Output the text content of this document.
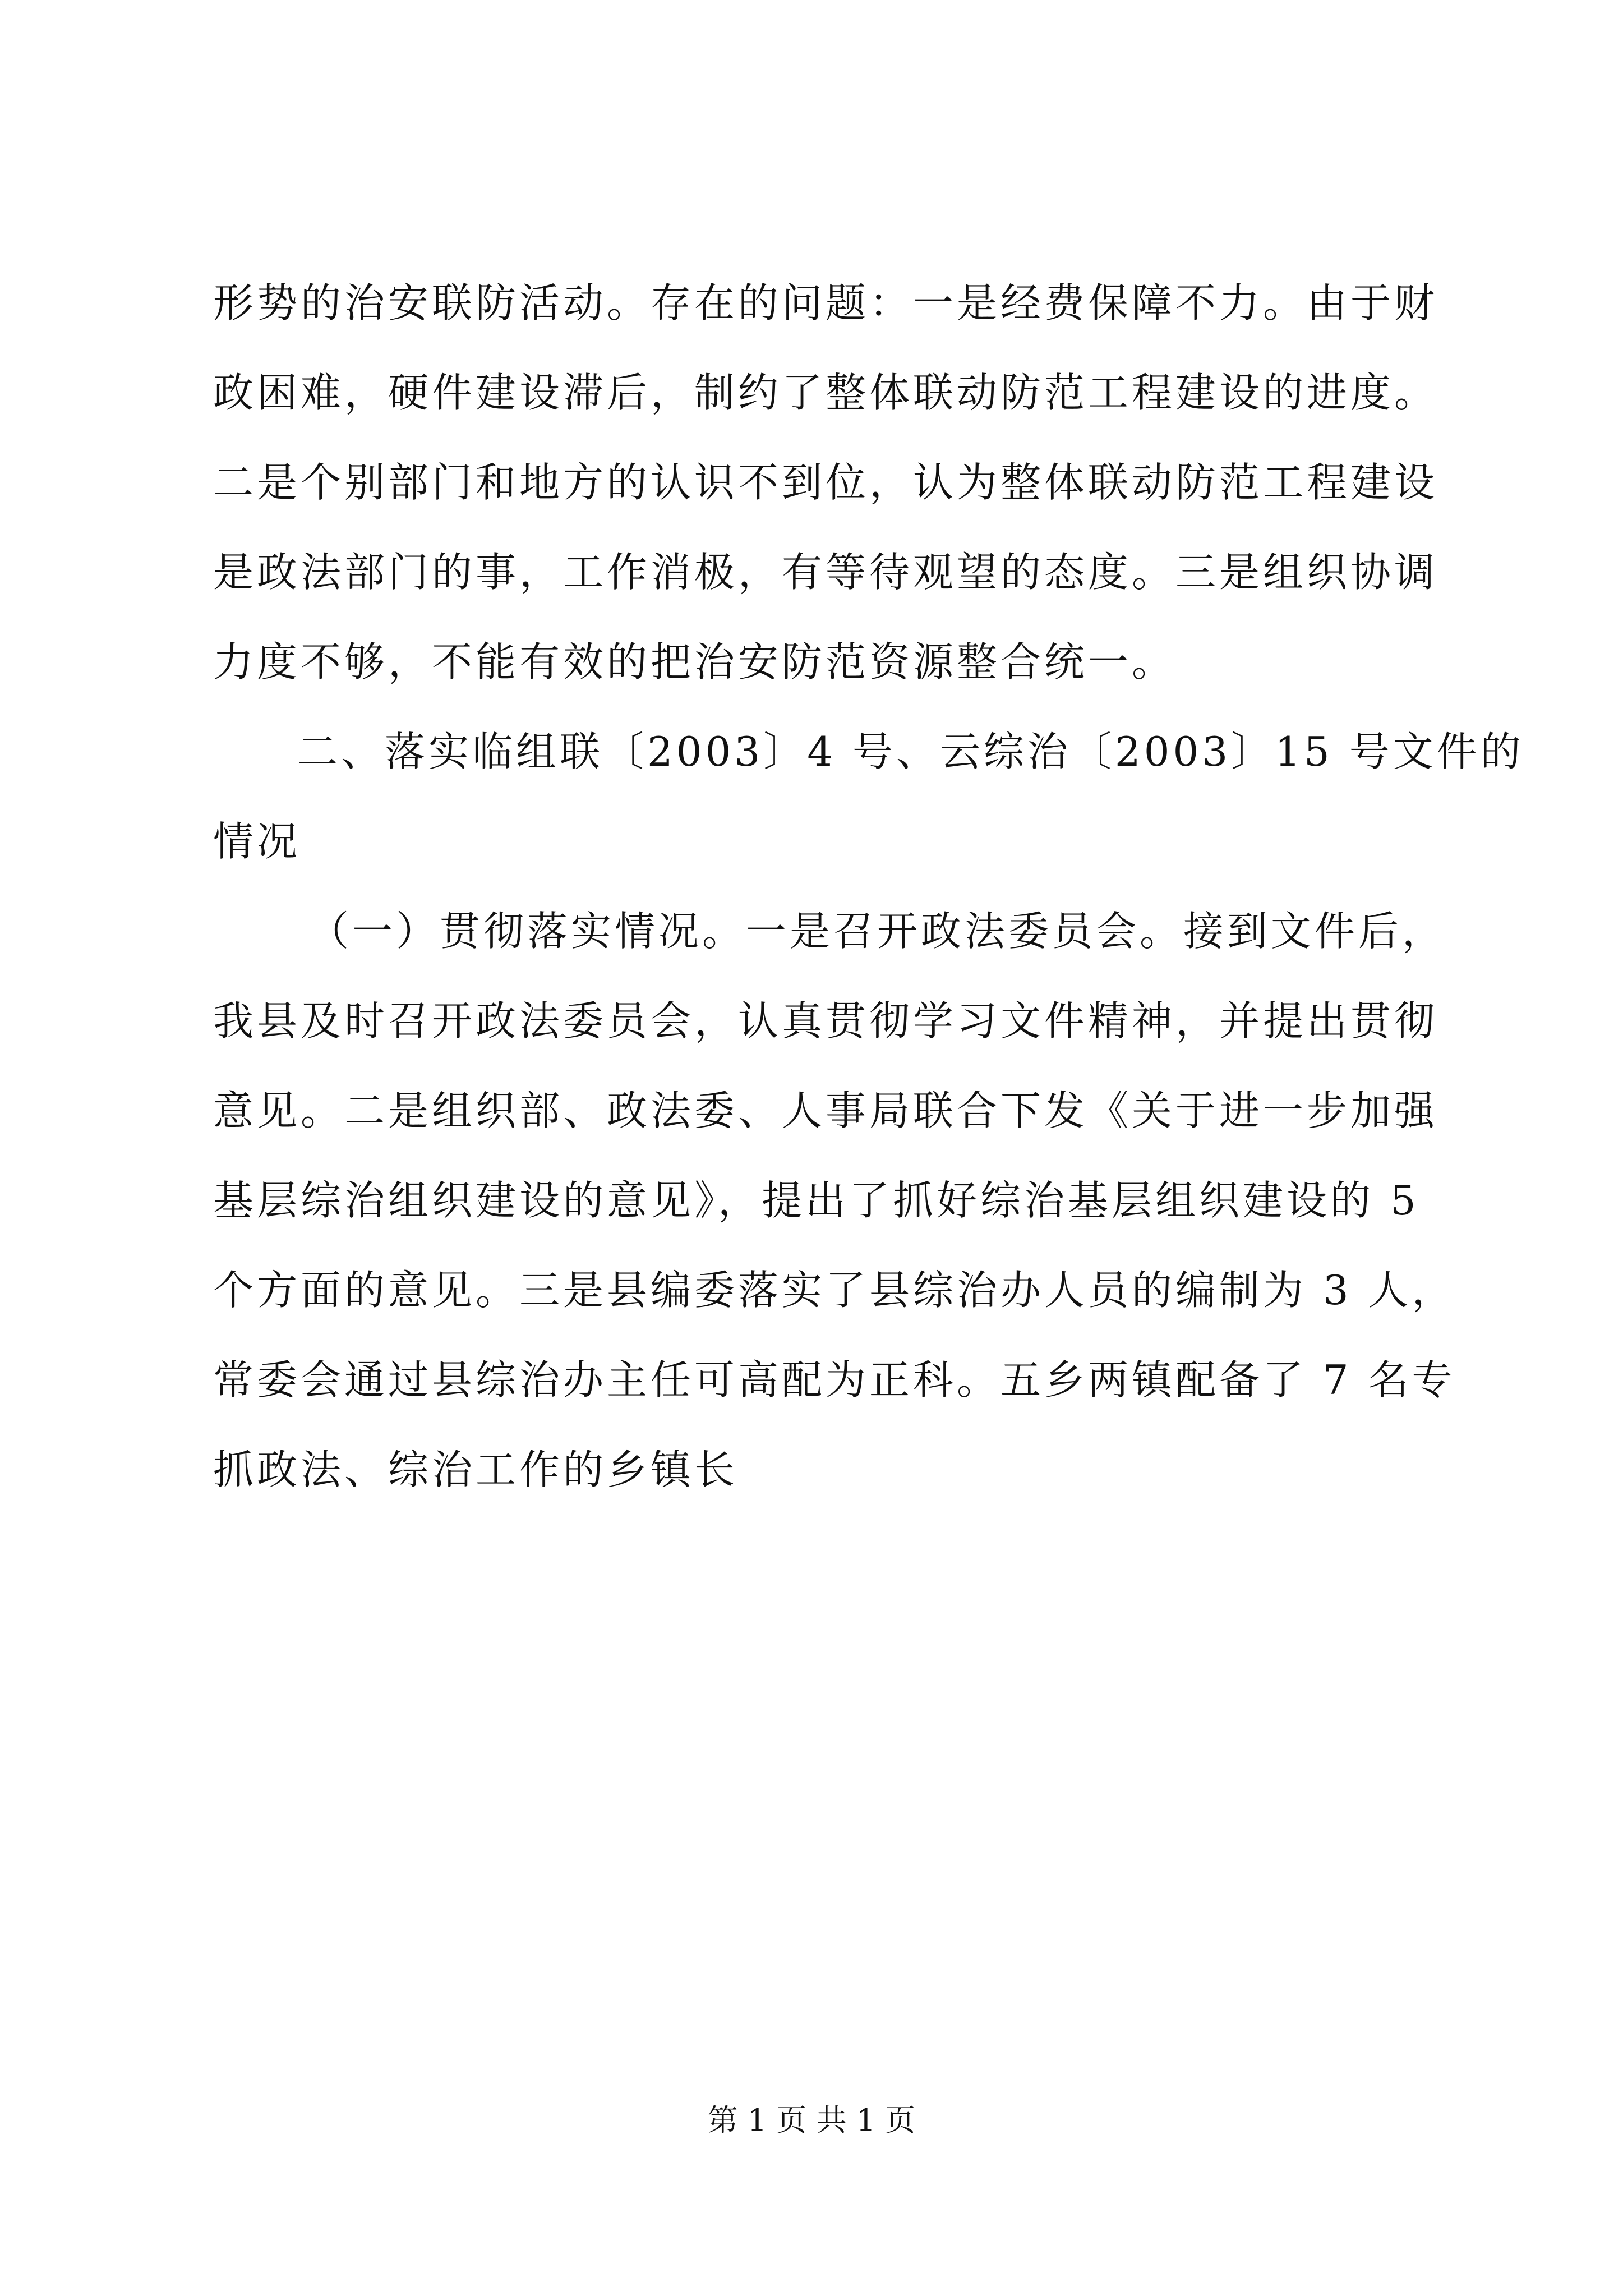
形势的治安联防活动。存在的问题：一是经费保障不力。由于财
政困难，硬件建设滞后，制约了整体联动防范工程建设的进度。
二是个别部门和地方的认识不到位，认为整体联动防范工程建设
是政法部门的事，工作消极，有等待观望的态度。三是组织协调
力度不够，不能有效的把治安防范资源整合统一。
二、落实临组联〔2003〕4 号、云综治〔2003〕15 号文件的
情况
（一）贯彻落实情况。一是召开政法委员会。接到文件后，
我县及时召开政法委员会，认真贯彻学习文件精神，并提出贯彻
意见。二是组织部、政法委、人事局联合下发《关于进一步加强
基层综治组织建设的意见》，提出了抓好综治基层组织建设的 5
个方面的意见。三是县编委落实了县综治办人员的编制为 3 人，
常委会通过县综治办主任可高配为正科。五乡两镇配备了 7 名专
抓政法、综治工作的乡镇长
第 1 页 共 1 页
